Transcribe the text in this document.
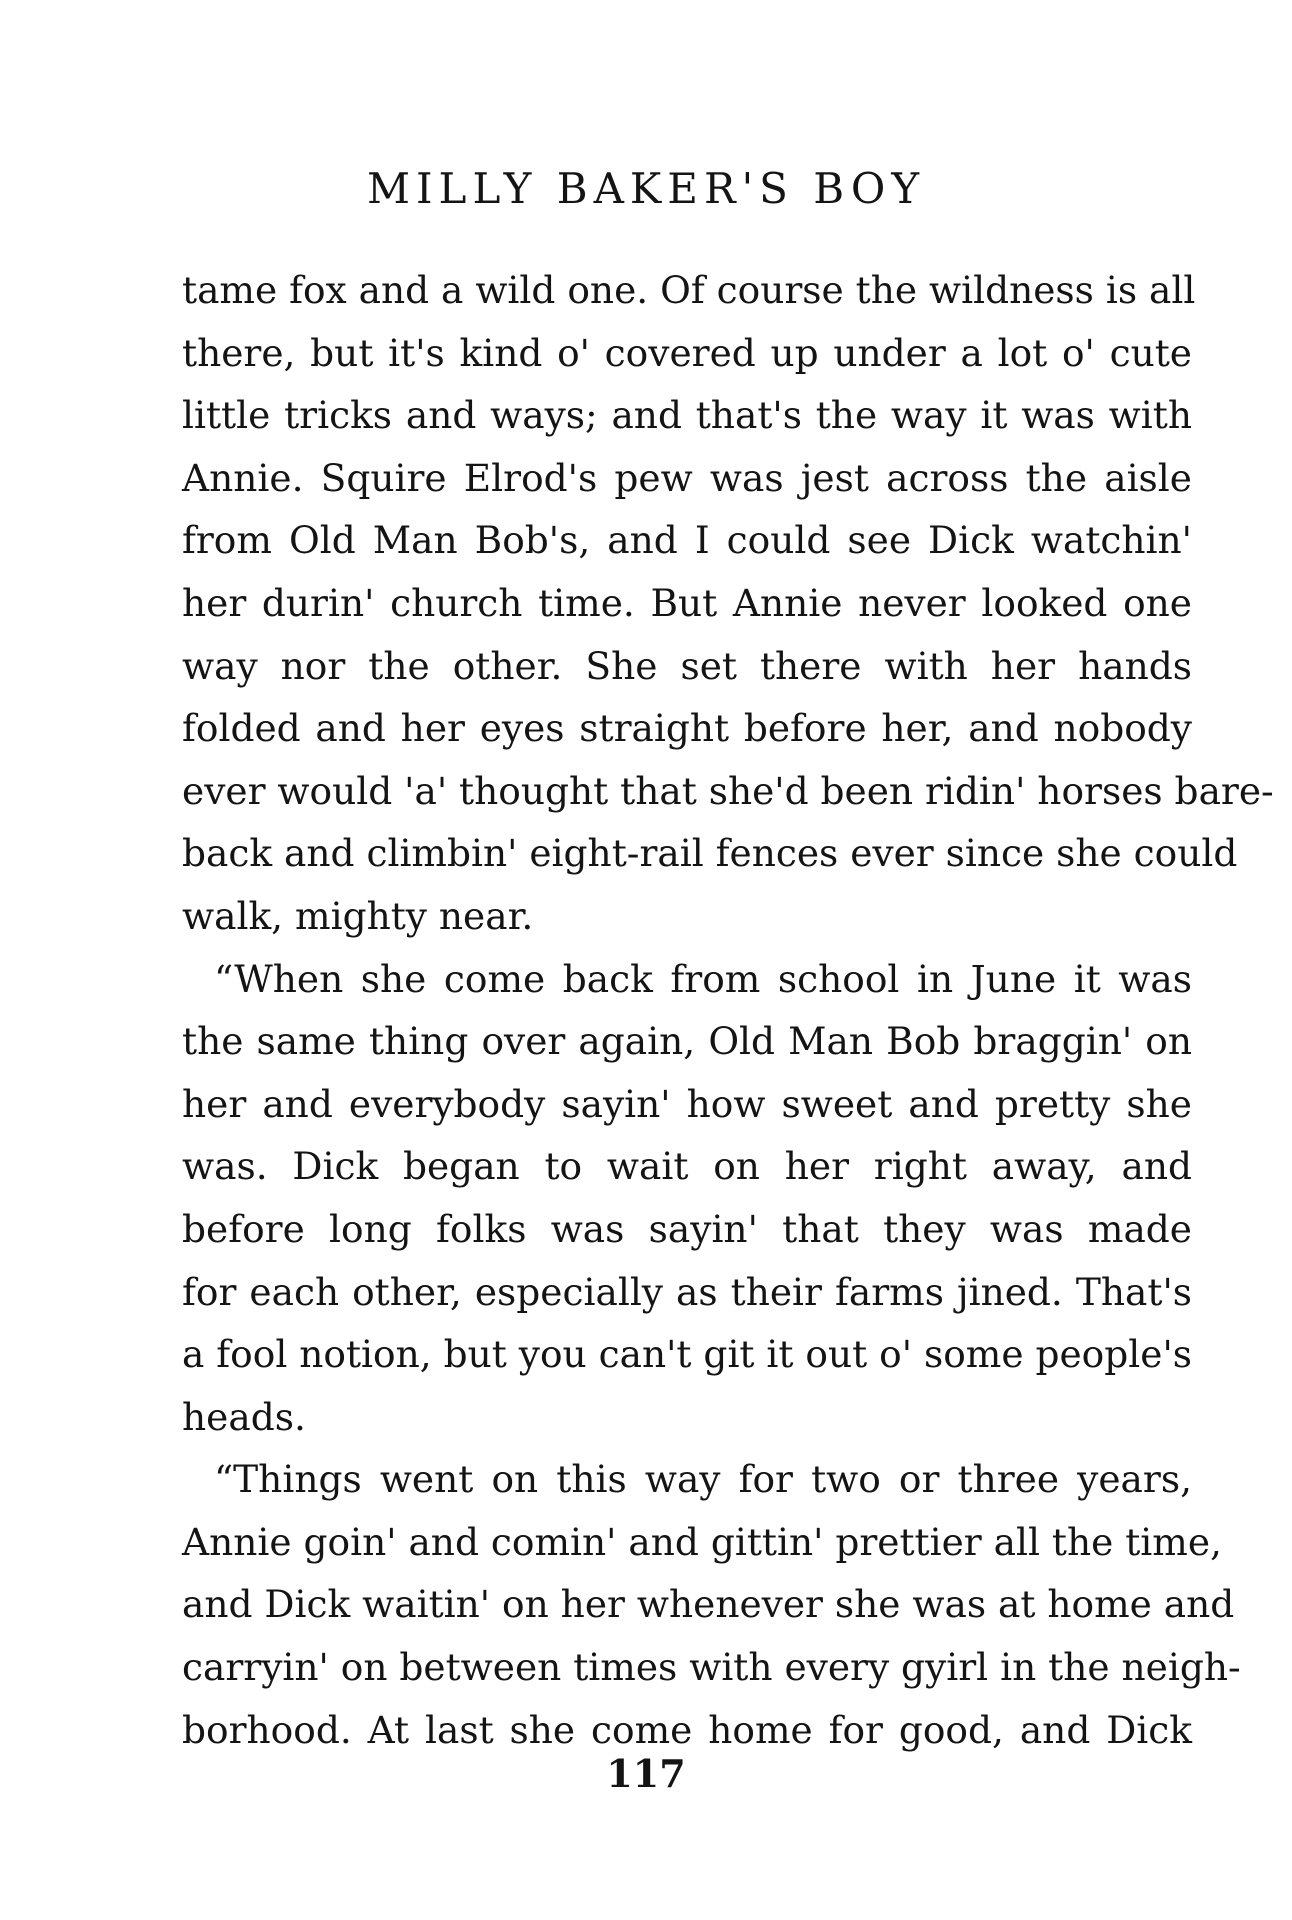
MILLY BAKER'S BOY
tame fox and a wild one. Of course the wildness is all
there, but it's kind o' covered up under a lot o' cute
little tricks and ways; and that's the way it was with
Annie. Squire Elrod's pew was jest across the aisle
from Old Man Bob's, and I could see Dick watchin'
her durin' church time. But Annie never looked one
way nor the other. She set there with her hands
folded and her eyes straight before her, and nobody
ever would 'a' thought that she'd been ridin' horses bare-
back and climbin' eight-rail fences ever since she could
walk, mighty near.
“When she come back from school in June it was
the same thing over again, Old Man Bob braggin' on
her and everybody sayin' how sweet and pretty she
was. Dick began to wait on her right away, and
before long folks was sayin' that they was made
for each other, especially as their farms jined. That's
a fool notion, but you can't git it out o' some people's
heads.
“Things went on this way for two or three years,
Annie goin' and comin' and gittin' prettier all the time,
and Dick waitin' on her whenever she was at home and
carryin' on between times with every gyirl in the neigh-
borhood. At last she come home for good, and Dick
117
